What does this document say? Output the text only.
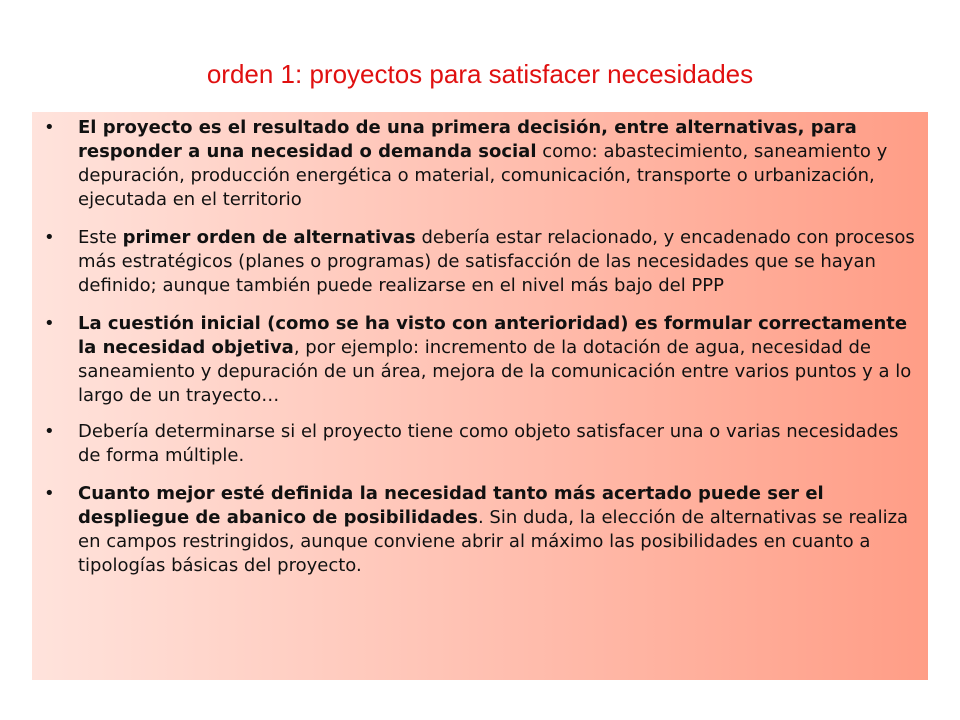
orden 1: proyectos para satisfacer necesidades
• El proyecto es el resultado de una primera decisión, entre alternativas, para responder a una necesidad o demanda social como: abastecimiento, saneamiento y depuración, producción energética o material, comunicación, transporte o urbanización, ejecutada en el territorio
• Este primer orden de alternativas debería estar relacionado, y encadenado con procesos más estratégicos (planes o programas) de satisfacción de las necesidades que se hayan definido; aunque también puede realizarse en el nivel más bajo del PPP
• La cuestión inicial (como se ha visto con anterioridad) es formular correctamente la necesidad objetiva, por ejemplo: incremento de la dotación de agua, necesidad de saneamiento y depuración de un área, mejora de la comunicación entre varios puntos y a lo largo de un trayecto…
• Debería determinarse si el proyecto tiene como objeto satisfacer una o varias necesidades de forma múltiple.
• Cuanto mejor esté definida la necesidad tanto más acertado puede ser el despliegue de abanico de posibilidades. Sin duda, la elección de alternativas se realiza en campos restringidos, aunque conviene abrir al máximo las posibilidades en cuanto a tipologías básicas del proyecto.
